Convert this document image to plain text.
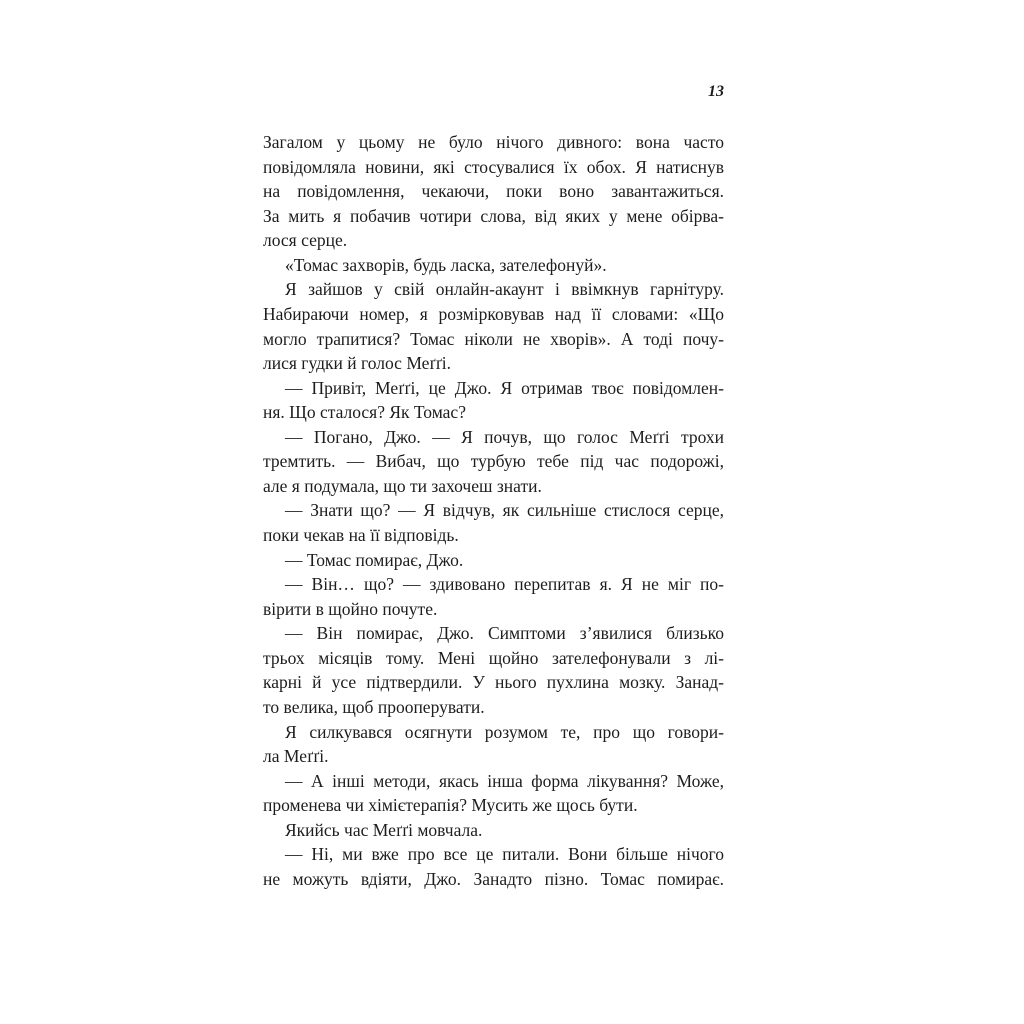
13
Загалом у цьому не було нічого дивного: вона часто
повідомляла новини, які стосувалися їх обох. Я натиснув
на повідомлення, чекаючи, поки воно завантажиться.
За мить я побачив чотири слова, від яких у мене обірва-
лося серце.
«Томас захворів, будь ласка, зателефонуй».
Я зайшов у свій онлайн-акаунт і ввімкнув гарнітуру.
Набираючи номер, я розмірковував над її словами: «Що
могло трапитися? Томас ніколи не хворів». А тоді почу-
лися гудки й голос Меґґі.
— Привіт, Меґґі, це Джо. Я отримав твоє повідомлен-
ня. Що сталося? Як Томас?
— Погано, Джо. — Я почув, що голос Меґґі трохи
тремтить. — Вибач, що турбую тебе під час подорожі,
але я подумала, що ти захочеш знати.
— Знати що? — Я відчув, як сильніше стислося серце,
поки чекав на її відповідь.
— Томас помирає, Джо.
— Він… що? — здивовано перепитав я. Я не міг по-
вірити в щойно почуте.
— Він помирає, Джо. Симптоми з’явилися близько
трьох місяців тому. Мені щойно зателефонували з лі-
карні й усе підтвердили. У нього пухлина мозку. Занад-
то велика, щоб прооперувати.
Я силкувався осягнути розумом те, про що говори-
ла Меґґі.
— А інші методи, якась інша форма лікування? Може,
променева чи хімієтерапія? Мусить же щось бути.
Якийсь час Меґґі мовчала.
— Ні, ми вже про все це питали. Вони більше нічого
не можуть вдіяти, Джо. Занадто пізно. Томас помирає.
